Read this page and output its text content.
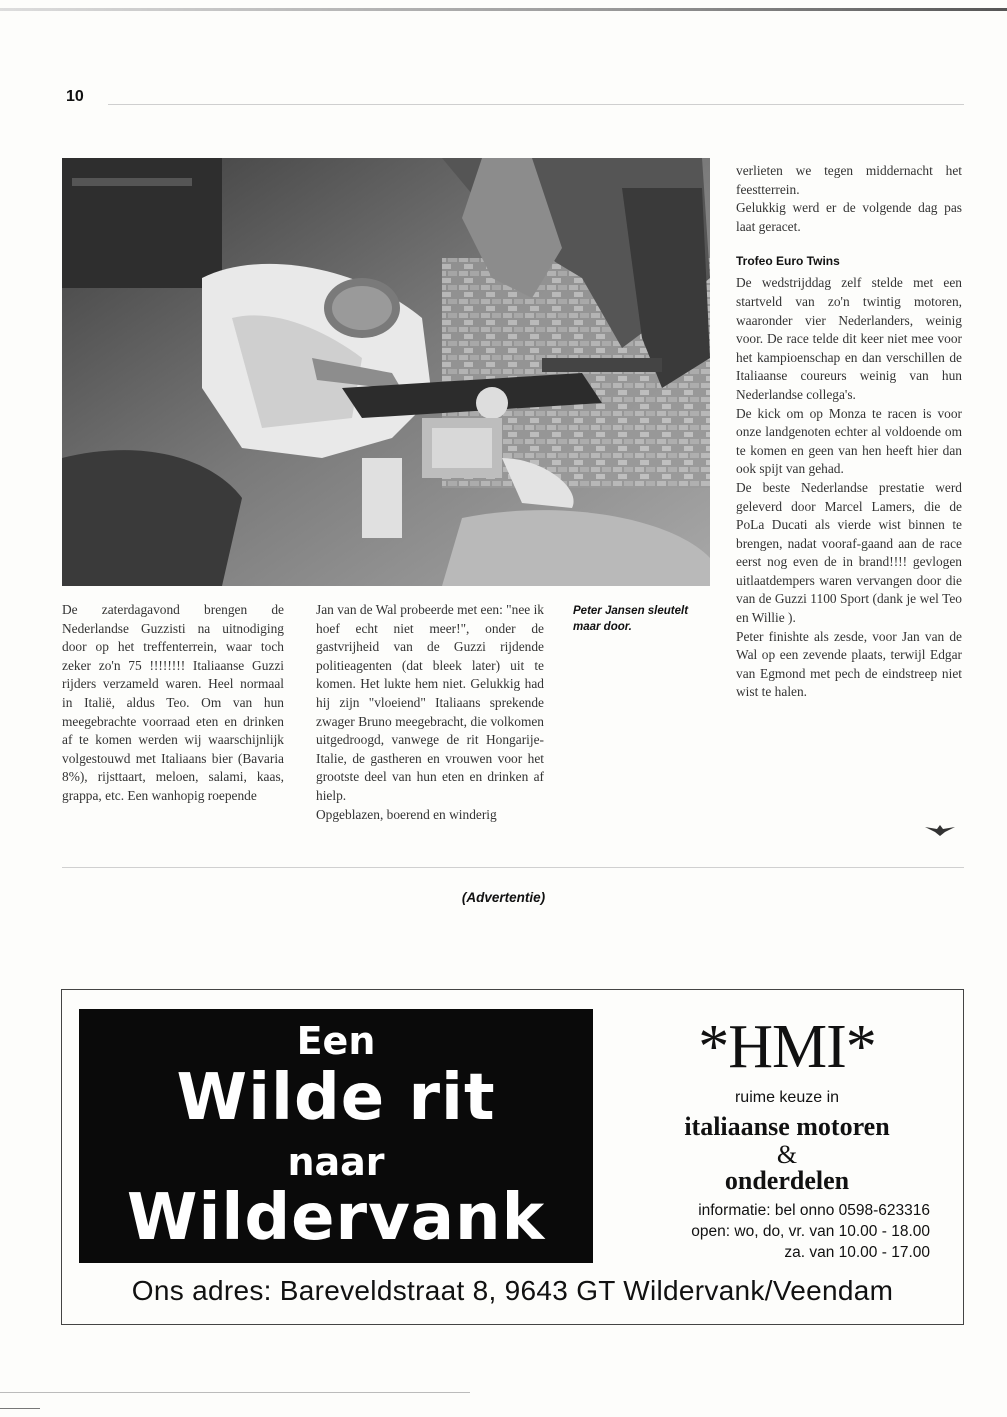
10

De zaterdagavond brengen de Nederlandse Guzzisti na uitnodiging door op het treffenterrein, waar toch zeker zo'n 75 !!!!!!!! Italiaanse Guzzi rijders verzameld waren. Heel normaal in Italië, aldus Teo. Om van hun meegebrachte voorraad eten en drinken af te komen werden wij waarschijnlijk volgestouwd met Italiaans bier (Bavaria 8%), rijsttaart, meloen, salami, kaas, grappa, etc. Een wanhopig roepende

Jan van de Wal probeerde met een: "nee ik hoef echt niet meer!", onder de gastvrijheid van de Guzzi rijdende politieagenten (dat bleek later) uit te komen. Het lukte hem niet. Gelukkig had hij zijn "vloeiend" Italiaans sprekende zwager Bruno meegebracht, die volkomen uitgedroogd, vanwege de rit Hongarije-Italie, de gastheren en vrouwen voor het grootste deel van hun eten en drinken af hielp.

Opgeblazen, boerend en winderig

Peter Jansen sleutelt maar door.

verlieten we tegen middernacht het feestterrein.

Gelukkig werd er de volgende dag pas laat geracet.

Trofeo Euro Twins

De wedstrijddag zelf stelde met een startveld van zo'n twintig motoren, waaronder vier Nederlanders, weinig voor. De race telde dit keer niet mee voor het kampioenschap en dan verschillen de Italiaanse coureurs weinig van hun Nederlandse collega's.

De kick om op Monza te racen is voor onze landgenoten echter al voldoende om te komen en geen van hen heeft hier dan ook spijt van gehad.

De beste Nederlandse prestatie werd geleverd door Marcel Lamers, die de PoLa Ducati als vierde wist binnen te brengen, nadat vooraf-gaand aan de race eerst nog even de in brand!!!! gevlogen uitlaatdempers waren vervangen door die van de Guzzi 1100 Sport (dank je wel Teo en Willie ).

Peter finishte als zesde, voor Jan van de Wal op een zevende plaats, terwijl Edgar van Egmond met pech de eindstreep niet wist te halen.

(Advertentie)
Een
Wilde rit
naar
Wildervank
*HMI*
ruime keuze in
italiaanse motoren
&
onderdelen
informatie: bel onno 0598-623316
open: wo, do, vr. van 10.00 - 18.00
za. van 10.00 - 17.00
Ons adres: Bareveldstraat 8, 9643 GT Wildervank/Veendam
